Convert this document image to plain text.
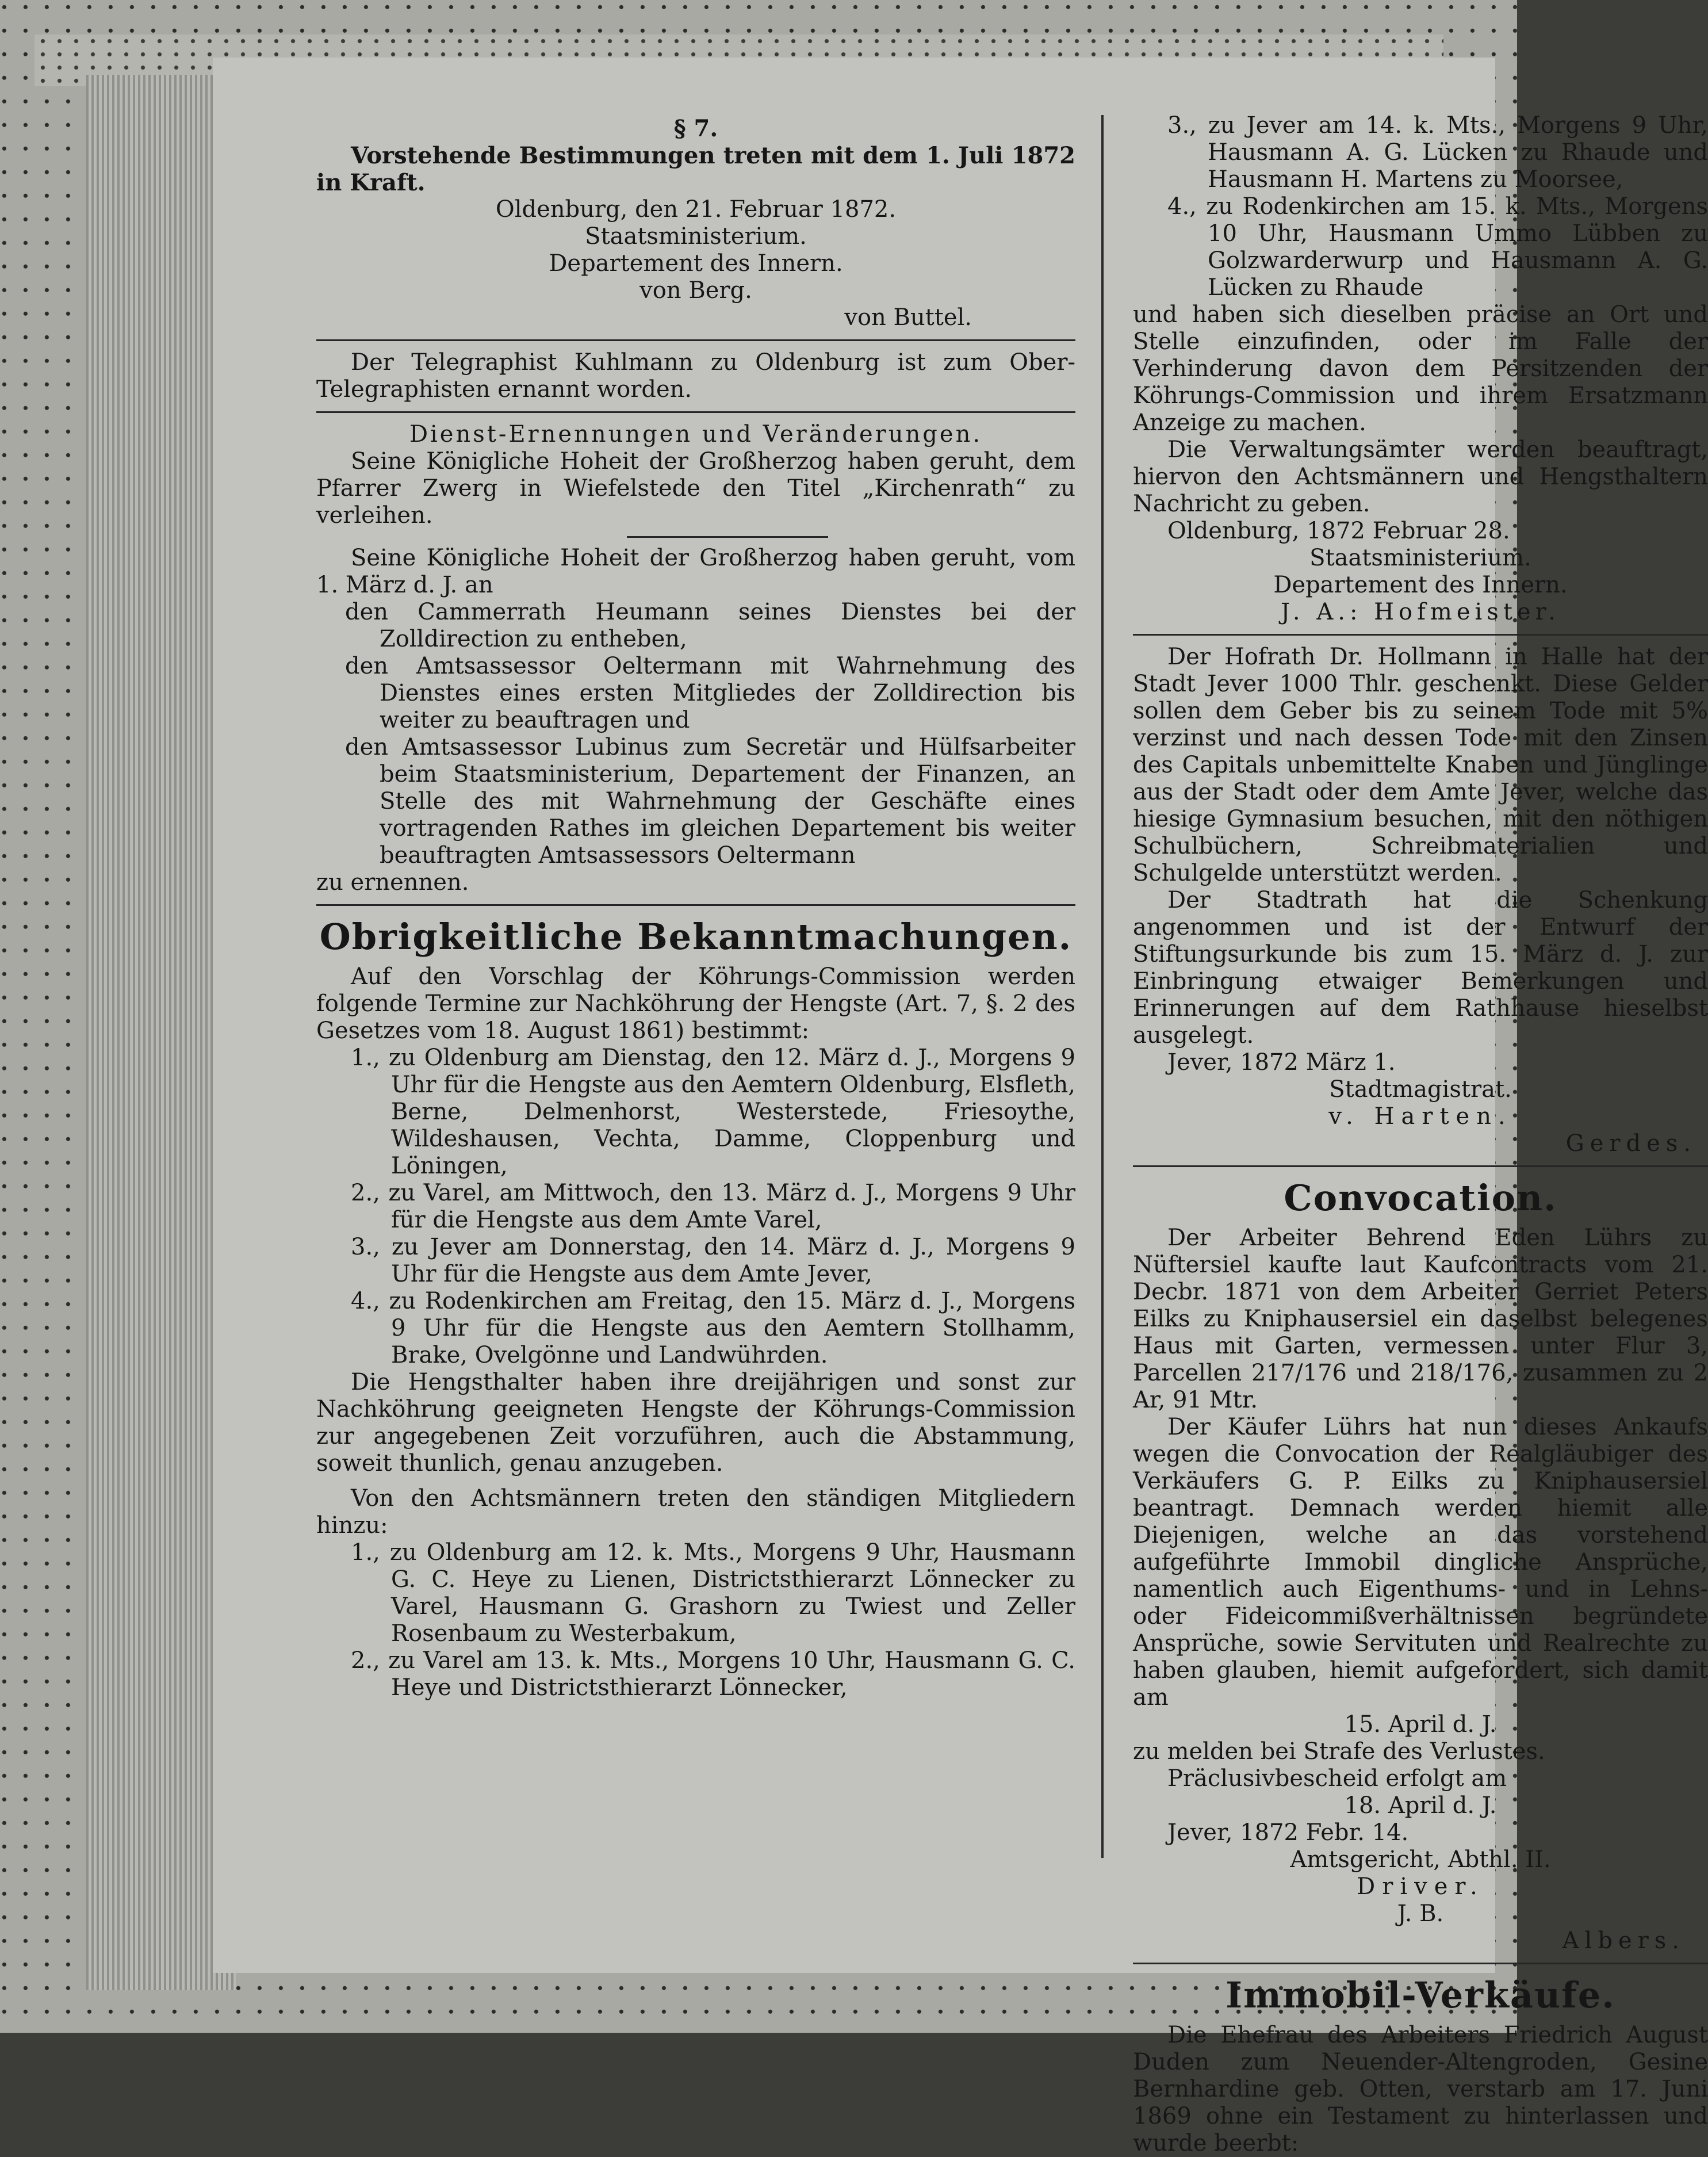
§ 7.

Vorstehende Bestimmungen treten mit dem 1. Juli 1872 in Kraft.

Oldenburg, den 21. Februar 1872.

Staatsministerium.

Departement des Innern.

von Berg.

von Buttel.

Der Telegraphist Kuhlmann zu Oldenburg ist zum Ober-Telegraphisten ernannt worden.

Dienst-Ernennungen und Veränderungen.

Seine Königliche Hoheit der Großherzog haben geruht, dem Pfarrer Zwerg in Wiefelstede den Titel „Kirchenrath“ zu verleihen.

Seine Königliche Hoheit der Großherzog haben geruht, vom 1. März d. J. an

den Cammerrath Heumann seines Dienstes bei der Zolldirection zu entheben,

den Amtsassessor Oeltermann mit Wahrnehmung des Dienstes eines ersten Mitgliedes der Zolldirection bis weiter zu beauftragen und

den Amtsassessor Lubinus zum Secretär und Hülfsarbeiter beim Staatsministerium, Departement der Finanzen, an Stelle des mit Wahrnehmung der Geschäfte eines vortragenden Rathes im gleichen Departement bis weiter beauftragten Amtsassessors Oeltermann

zu ernennen.

Obrigkeitliche Bekanntmachungen.

Auf den Vorschlag der Köhrungs-Commission werden folgende Termine zur Nachköhrung der Hengste (Art. 7, §. 2 des Gesetzes vom 18. August 1861) bestimmt:

1., zu Oldenburg am Dienstag, den 12. März d. J., Morgens 9 Uhr für die Hengste aus den Aemtern Oldenburg, Elsfleth, Berne, Delmenhorst, Westerstede, Friesoythe, Wildeshausen, Vechta, Damme, Cloppenburg und Löningen,

2., zu Varel, am Mittwoch, den 13. März d. J., Morgens 9 Uhr für die Hengste aus dem Amte Varel,

3., zu Jever am Donnerstag, den 14. März d. J., Morgens 9 Uhr für die Hengste aus dem Amte Jever,

4., zu Rodenkirchen am Freitag, den 15. März d. J., Morgens 9 Uhr für die Hengste aus den Aemtern Stollhamm, Brake, Ovelgönne und Landwührden.

Die Hengsthalter haben ihre dreijährigen und sonst zur Nachköhrung geeigneten Hengste der Köhrungs-Commission zur angegebenen Zeit vorzuführen, auch die Abstammung, soweit thunlich, genau anzugeben.

Von den Achtsmännern treten den ständigen Mitgliedern hinzu:

1., zu Oldenburg am 12. k. Mts., Morgens 9 Uhr, Hausmann G. C. Heye zu Lienen, Districtsthierarzt Lönnecker zu Varel, Hausmann G. Grashorn zu Twiest und Zeller Rosenbaum zu Westerbakum,

2., zu Varel am 13. k. Mts., Morgens 10 Uhr, Hausmann G. C. Heye und Districtsthierarzt Lönnecker,

3., zu Jever am 14. k. Mts., Morgens 9 Uhr, Hausmann A. G. Lücken zu Rhaude und Hausmann H. Martens zu Moorsee,

4., zu Rodenkirchen am 15. k. Mts., Morgens 10 Uhr, Hausmann Ummo Lübben zu Golzwarderwurp und Hausmann A. G. Lücken zu Rhaude

und haben sich dieselben präcise an Ort und Stelle einzufinden, oder im Falle der Verhinderung davon dem Persitzenden der Köhrungs-Commission und ihrem Ersatzmann Anzeige zu machen.

Die Verwaltungsämter werden beauftragt, hiervon den Achtsmännern und Hengsthaltern Nachricht zu geben.

Oldenburg, 1872 Februar 28.

Staatsministerium.

Departement des Innern.

J. A.: Hofmeister.

Der Hofrath Dr. Hollmann in Halle hat der Stadt Jever 1000 Thlr. geschenkt. Diese Gelder sollen dem Geber bis zu seinem Tode mit 5% verzinst und nach dessen Tode mit den Zinsen des Capitals unbemittelte Knaben und Jünglinge aus der Stadt oder dem Amte Jever, welche das hiesige Gymnasium besuchen, mit den nöthigen Schulbüchern, Schreibmaterialien und Schulgelde unterstützt werden.

Der Stadtrath hat die Schenkung angenommen und ist der Entwurf der Stiftungsurkunde bis zum 15. März d. J. zur Einbringung etwaiger Bemerkungen und Erinnerungen auf dem Rathhause hieselbst ausgelegt.

Jever, 1872 März 1.

Stadtmagistrat.

v. Harten.

Gerdes.

Convocation.

Der Arbeiter Behrend Eden Lührs zu Nüftersiel kaufte laut Kaufcontracts vom 21. Decbr. 1871 von dem Arbeiter Gerriet Peters Eilks zu Kniphausersiel ein daselbst belegenes Haus mit Garten, vermessen unter Flur 3, Parcellen 217/176 und 218/176, zusammen zu 2 Ar, 91 Mtr.

Der Käufer Lührs hat nun dieses Ankaufs wegen die Convocation der Realgläubiger des Verkäufers G. P. Eilks zu Kniphausersiel beantragt. Demnach werden hiemit alle Diejenigen, welche an das vorstehend aufgeführte Immobil dingliche Ansprüche, namentlich auch Eigenthums- und in Lehns- oder Fideicommißverhältnissen begründete Ansprüche, sowie Servituten und Realrechte zu haben glauben, hiemit aufgefordert, sich damit am

15. April d. J.

zu melden bei Strafe des Verlustes.

Präclusivbescheid erfolgt am

18. April d. J.

Jever, 1872 Febr. 14.

Amtsgericht, Abthl. II.

Driver.

J. B.

Albers.

Immobil-Verkäufe.

Die Ehefrau des Arbeiters Friedrich August Duden zum Neuender-Altengroden, Gesine Bernhardine geb. Otten, verstarb am 17. Juni 1869 ohne ein Testament zu hinterlassen und wurde beerbt:
